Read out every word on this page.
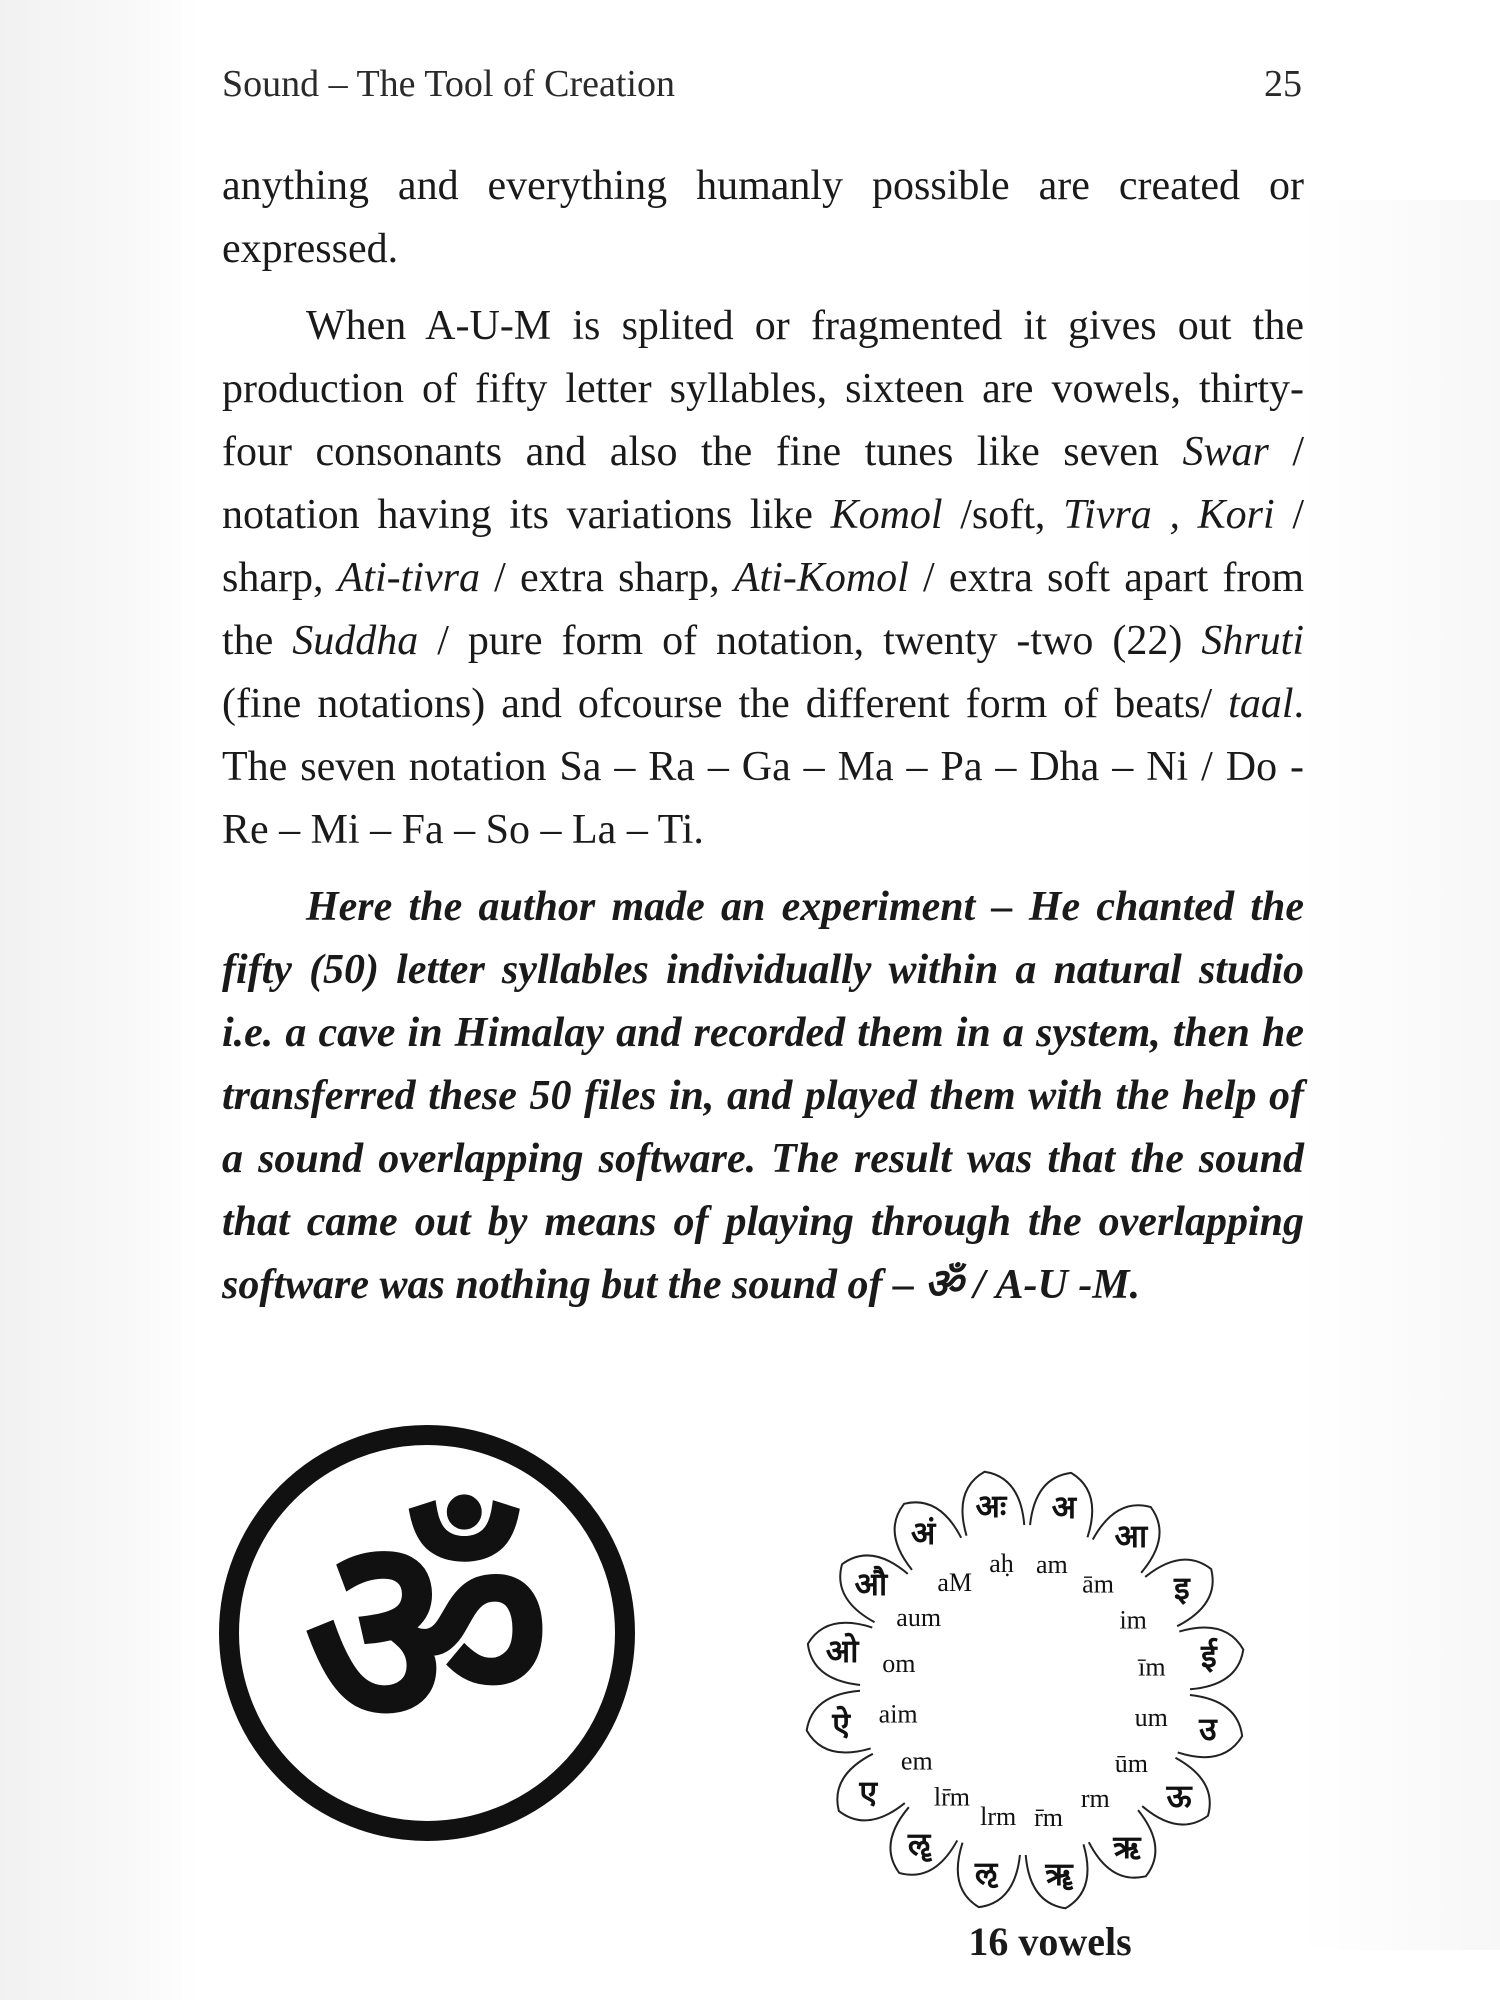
Sound – The Tool of Creation	25

anything and everything humanly possible are created or expressed.

When A-U-M is splited or fragmented it gives out the production of fifty letter syllables, sixteen are vowels, thirty-four consonants and also the fine tunes like seven Swar / notation having its variations like Komol /soft, Tivra , Kori / sharp, Ati-tivra / extra sharp, Ati-Komol / extra soft apart from the Suddha / pure form of notation, twenty -two (22) Shruti (fine notations) and ofcourse the different form of beats/ taal. The seven notation Sa – Ra – Ga – Ma – Pa – Dha – Ni / Do - Re – Mi – Fa – So – La – Ti.

Here the author made an experiment – He chanted the fifty (50) letter syllables individually within a natural studio i.e. a cave in Himalay and recorded them in a system, then he transferred these 50 files in, and played them with the help of a sound overlapping software. The result was that the sound that came out by means of playing through the overlapping software was nothing but the sound of – ॐ / A-U -M.

ॐ	अ
आ
इ
ई
उ
ऊ
ऋ
ॠ
ऌ
ॡ
ए
ऐ
ओ
औ
अं
अः
am
ām
im
īm
um
ūm
rm
r̄m
lrm
lr̄m
em
aim
om
aum
aM
aḥ
16 vowels
